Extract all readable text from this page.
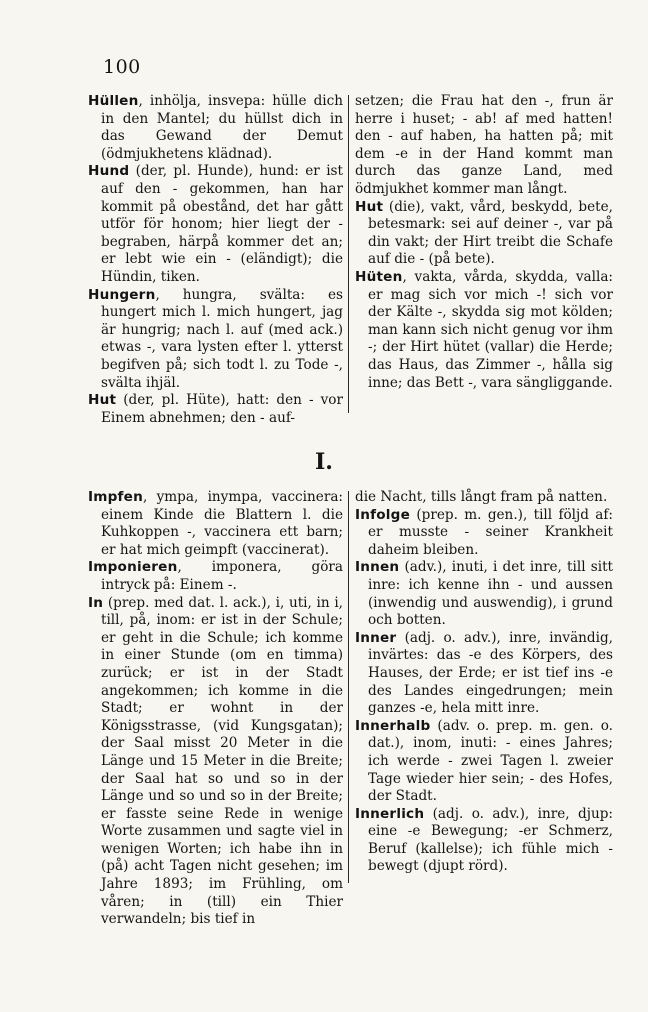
100

Hüllen, inhölja, insvepa: hülle dich in den Mantel; du hüllst dich in das Gewand der Demut (ödmjukhetens klädnad).

Hund (der, pl. Hunde), hund: er ist auf den - gekommen, han har kommit på obestånd, det har gått utför för honom; hier liegt der - begraben, härpå kommer det an; er lebt wie ein - (eländigt); die Hündin, tiken.

Hungern, hungra, svälta: es hungert mich l. mich hungert, jag är hungrig; nach l. auf (med ack.) etwas -, vara lysten efter l. ytterst begifven på; sich todt l. zu Tode -, svälta ihjäl.

Hut (der, pl. Hüte), hatt: den - vor Einem abnehmen; den - auf-

setzen; die Frau hat den -, frun är herre i huset; - ab! af med hatten! den - auf haben, ha hatten på; mit dem -e in der Hand kommt man durch das ganze Land, med ödmjukhet kommer man långt.

Hut (die), vakt, vård, beskydd, bete, betesmark: sei auf deiner -, var på din vakt; der Hirt treibt die Schafe auf die - (på bete).

Hüten, vakta, vårda, skydda, valla: er mag sich vor mich -! sich vor der Kälte -, skydda sig mot kölden; man kann sich nicht genug vor ihm -; der Hirt hütet (vallar) die Herde; das Haus, das Zimmer -, hålla sig inne; das Bett -, vara sängliggande.

I.

Impfen, ympa, inympa, vaccinera: einem Kinde die Blattern l. die Kuhkoppen -, vaccinera ett barn; er hat mich geimpft (vaccinerat).

Imponieren, imponera, göra intryck på: Einem -.

In (prep. med dat. l. ack.), i, uti, in i, till, på, inom: er ist in der Schule; er geht in die Schule; ich komme in einer Stunde (om en timma) zurück; er ist in der Stadt angekommen; ich komme in die Stadt; er wohnt in der Königsstrasse, (vid Kungsgatan); der Saal misst 20 Meter in die Länge und 15 Meter in die Breite; der Saal hat so und so in der Länge und so und so in der Breite; er fasste seine Rede in wenige Worte zusammen und sagte viel in wenigen Worten; ich habe ihn in (på) acht Tagen nicht gesehen; im Jahre 1893; im Frühling, om våren; in (till) ein Thier verwandeln; bis tief in

die Nacht, tills långt fram på natten.

Infolge (prep. m. gen.), till följd af: er musste - seiner Krankheit daheim bleiben.

Innen (adv.), inuti, i det inre, till sitt inre: ich kenne ihn - und aussen (inwendig und auswendig), i grund och botten.

Inner (adj. o. adv.), inre, invändig, invärtes: das -e des Körpers, des Hauses, der Erde; er ist tief ins -e des Landes eingedrungen; mein ganzes -e, hela mitt inre.

Innerhalb (adv. o. prep. m. gen. o. dat.), inom, inuti: - eines Jahres; ich werde - zwei Tagen l. zweier Tage wieder hier sein; - des Hofes, der Stadt.

Innerlich (adj. o. adv.), inre, djup: eine -e Bewegung; -er Schmerz, Beruf (kallelse); ich fühle mich - bewegt (djupt rörd).
